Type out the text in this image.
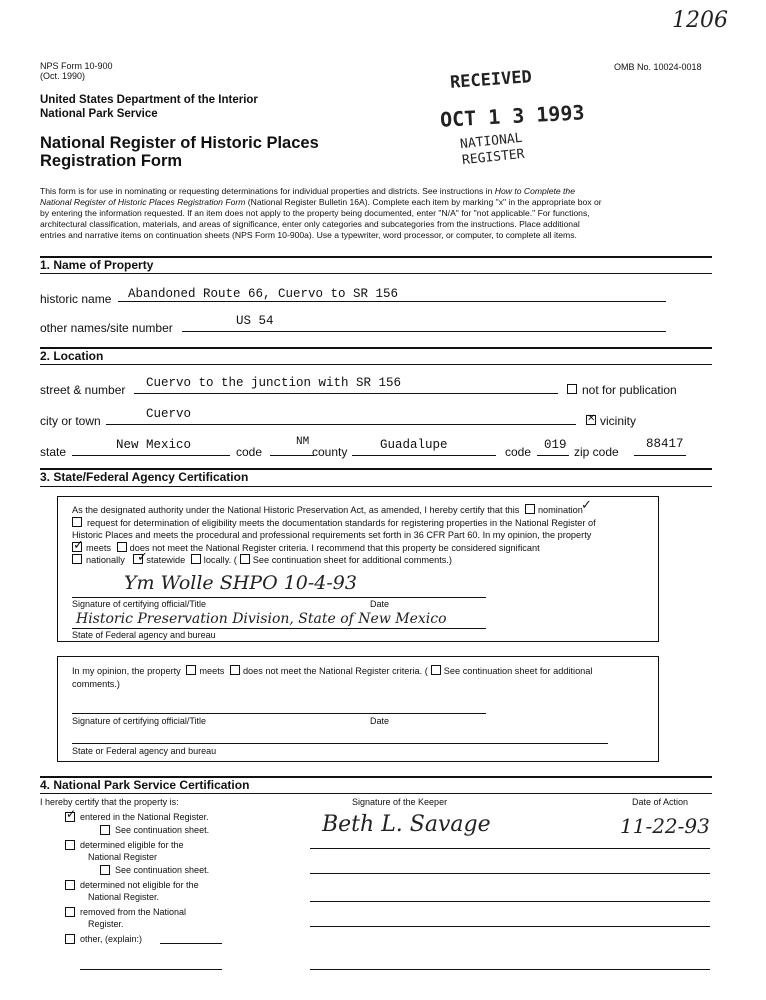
1206
NPS Form 10-900
(Oct. 1990)
OMB No. 10024-0018
United States Department of the Interior
National Park Service
National Register of Historic Places
Registration Form
RECEIVED
OCT 1 3 1993
NATIONAL
REGISTER
This form is for use in nominating or requesting determinations for individual properties and districts. See instructions in How to Complete the
National Register of Historic Places Registration Form (National Register Bulletin 16A). Complete each item by marking "x" in the appropriate box or
by entering the information requested. If an item does not apply to the property being documented, enter "N/A" for "not applicable." For functions,
architectural classification, materials, and areas of significance, enter only categories and subcategories from the instructions. Place additional
entries and narrative items on continuation sheets (NPS Form 10-900a). Use a typewriter, word processor, or computer, to complete all items.
1. Name of Property
historic name Abandoned Route 66, Cuervo to SR 156
other names/site number	US 54
2. Location
street & number Cuervo to the junction with SR 156	not for publication
city or town	Cuervo	✕ vicinity
state	New Mexico	code
NM
county	Guadalupe	code 019 zip code
88417
3. State/Federal Agency Certification
As the designated authority under the National Historic Preservation Act, as amended, I hereby certify that this nomination
request for determination of eligibility meets the documentation standards for registering properties in the National Register of
Historic Places and meets the procedural and professional requirements set forth in 36 CFR Part 60. In my opinion, the property
meets does not meet the National Register criteria. I recommend that this property be considered significant
nationally statewide locally. ( See continuation sheet for additional comments.)
✓
✓
✓
Ym Wolle SHPO 10-4-93
Signature of certifying official/Title	Date
Historic Preservation Division, State of New Mexico
State of Federal agency and bureau
In my opinion, the property meets does not meet the National Register criteria. ( See continuation sheet for additional
comments.)
Signature of certifying official/Title	Date
State or Federal agency and bureau
4. National Park Service Certification
I hereby certify that the property is:	Signature of the Keeper	Date of Action
Beth L. Savage	11-22-93
✓ entered in the National Register.
See continuation sheet.
determined eligible for the
National Register
See continuation sheet.
determined not eligible for the
National Register.
removed from the National
Register.
other, (explain:)
